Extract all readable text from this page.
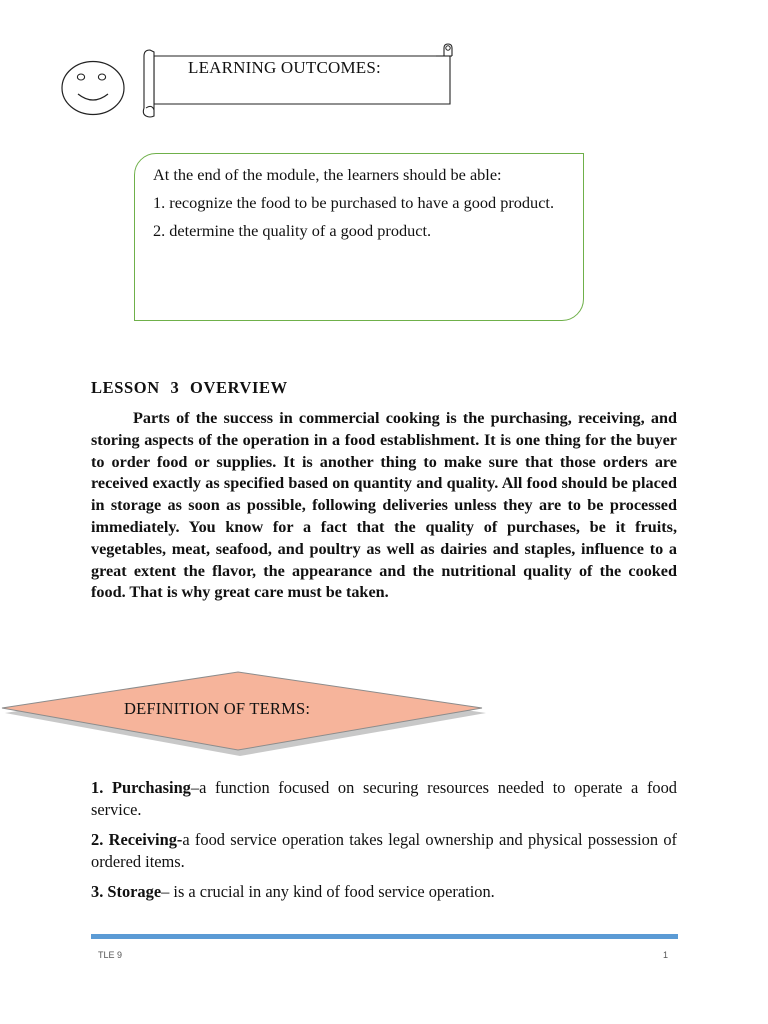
LEARNING OUTCOMES:

At the end of the module, the learners should be able:

1. recognize the food to be purchased to have a good product.

2. determine the quality of a good product.

LESSON 3 OVERVIEW

Parts of the success in commercial cooking is the purchasing, receiving, and storing aspects of the operation in a food establishment. It is one thing for the buyer to order food or supplies. It is another thing to make sure that those orders are received exactly as specified based on quantity and quality. All food should be placed in storage as soon as possible, following deliveries unless they are to be processed immediately. You know for a fact that the quality of purchases, be it fruits, vegetables, meat, seafood, and poultry as well as dairies and staples, influence to a great extent the flavor, the appearance and the nutritional quality of the cooked food. That is why great care must be taken.

DEFINITION OF TERMS:

1. Purchasing–a function focused on securing resources needed to operate a food service.

2. Receiving-a food service operation takes legal ownership and physical possession of ordered items.

3. Storage– is a crucial in any kind of food service operation.

TLE 9	1
